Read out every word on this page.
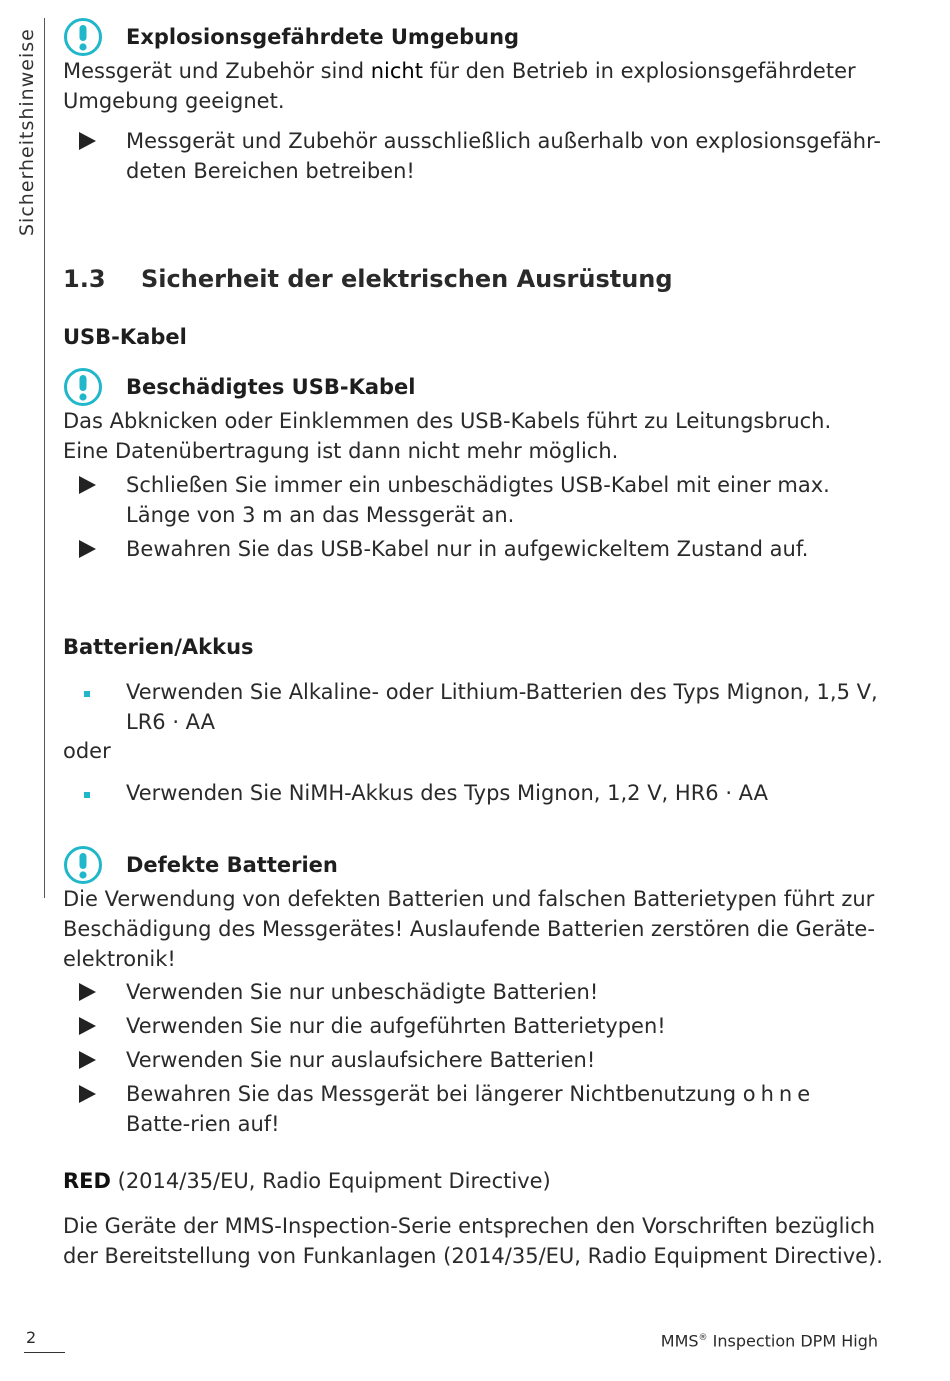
Sicherheitshinweise	Explosionsgefährdete Umgebung

Messgerät und Zubehör sind nicht für den Betrieb in explosionsgefährdeter Umgebung geeignet.

Messgerät und Zubehör ausschließlich außerhalb von explosionsgefähr-deten Bereichen betreiben!
1.3 Sicherheit der elektrischen Ausrüstung
USB-Kabel
Beschädigtes USB-Kabel

Das Abknicken oder Einklemmen des USB-Kabels führt zu Leitungsbruch. Eine Datenübertragung ist dann nicht mehr möglich.

Schließen Sie immer ein unbeschädigtes USB-Kabel mit einer max. Länge von 3 m an das Messgerät an.
Bewahren Sie das USB-Kabel nur in aufgewickeltem Zustand auf.
Batterien/Akkus
Verwenden Sie Alkaline- oder Lithium-Batterien des Typs Mignon, 1,5 V, LR6 · AA

oder

Verwenden Sie NiMH-Akkus des Typs Mignon, 1,2 V, HR6 · AA
Defekte Batterien

Die Verwendung von defekten Batterien und falschen Batterietypen führt zur Beschädigung des Messgerätes! Auslaufende Batterien zerstören die Geräte-elektronik!

Verwenden Sie nur unbeschädigte Batterien!
Verwenden Sie nur die aufgeführten Batterietypen!
Verwenden Sie nur auslaufsichere Batterien!
Bewahren Sie das Messgerät bei längerer Nichtbenutzung ohne Batte-rien auf!

RED (2014/35/EU, Radio Equipment Directive)

Die Geräte der MMS-Inspection-Serie entsprechen den Vorschriften bezüglich der Bereitstellung von Funkanlagen (2014/35/EU, Radio Equipment Directive).

2	MMS® Inspection DPM High
